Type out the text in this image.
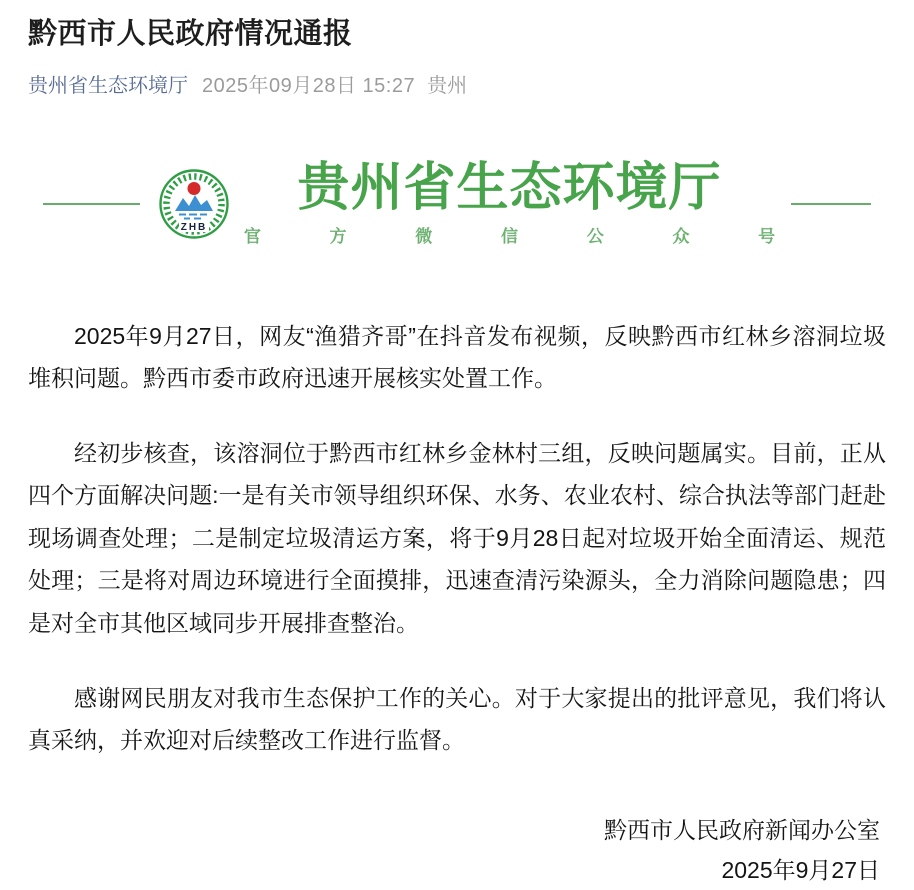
黔西市人民政府情况通报
贵州省生态环境厅 2025年09月28日 15:27 贵州
ZHB
贵州省生态环境厅
官 方 微 信 公 众 号

2025年9月27日，网友“渔猎齐哥”在抖音发布视频，反映黔西市红林乡溶洞垃圾堆积问题。黔西市委市政府迅速开展核实处置工作。

经初步核查，该溶洞位于黔西市红林乡金林村三组，反映问题属实。目前，正从四个方面解决问题:一是有关市领导组织环保、水务、农业农村、综合执法等部门赶赴现场调查处理；二是制定垃圾清运方案，将于9月28日起对垃圾开始全面清运、规范处理；三是将对周边环境进行全面摸排，迅速查清污染源头，全力消除问题隐患；四是对全市其他区域同步开展排查整治。

感谢网民朋友对我市生态保护工作的关心。对于大家提出的批评意见，我们将认真采纳，并欢迎对后续整改工作进行监督。

黔西市人民政府新闻办公室

2025年9月27日
